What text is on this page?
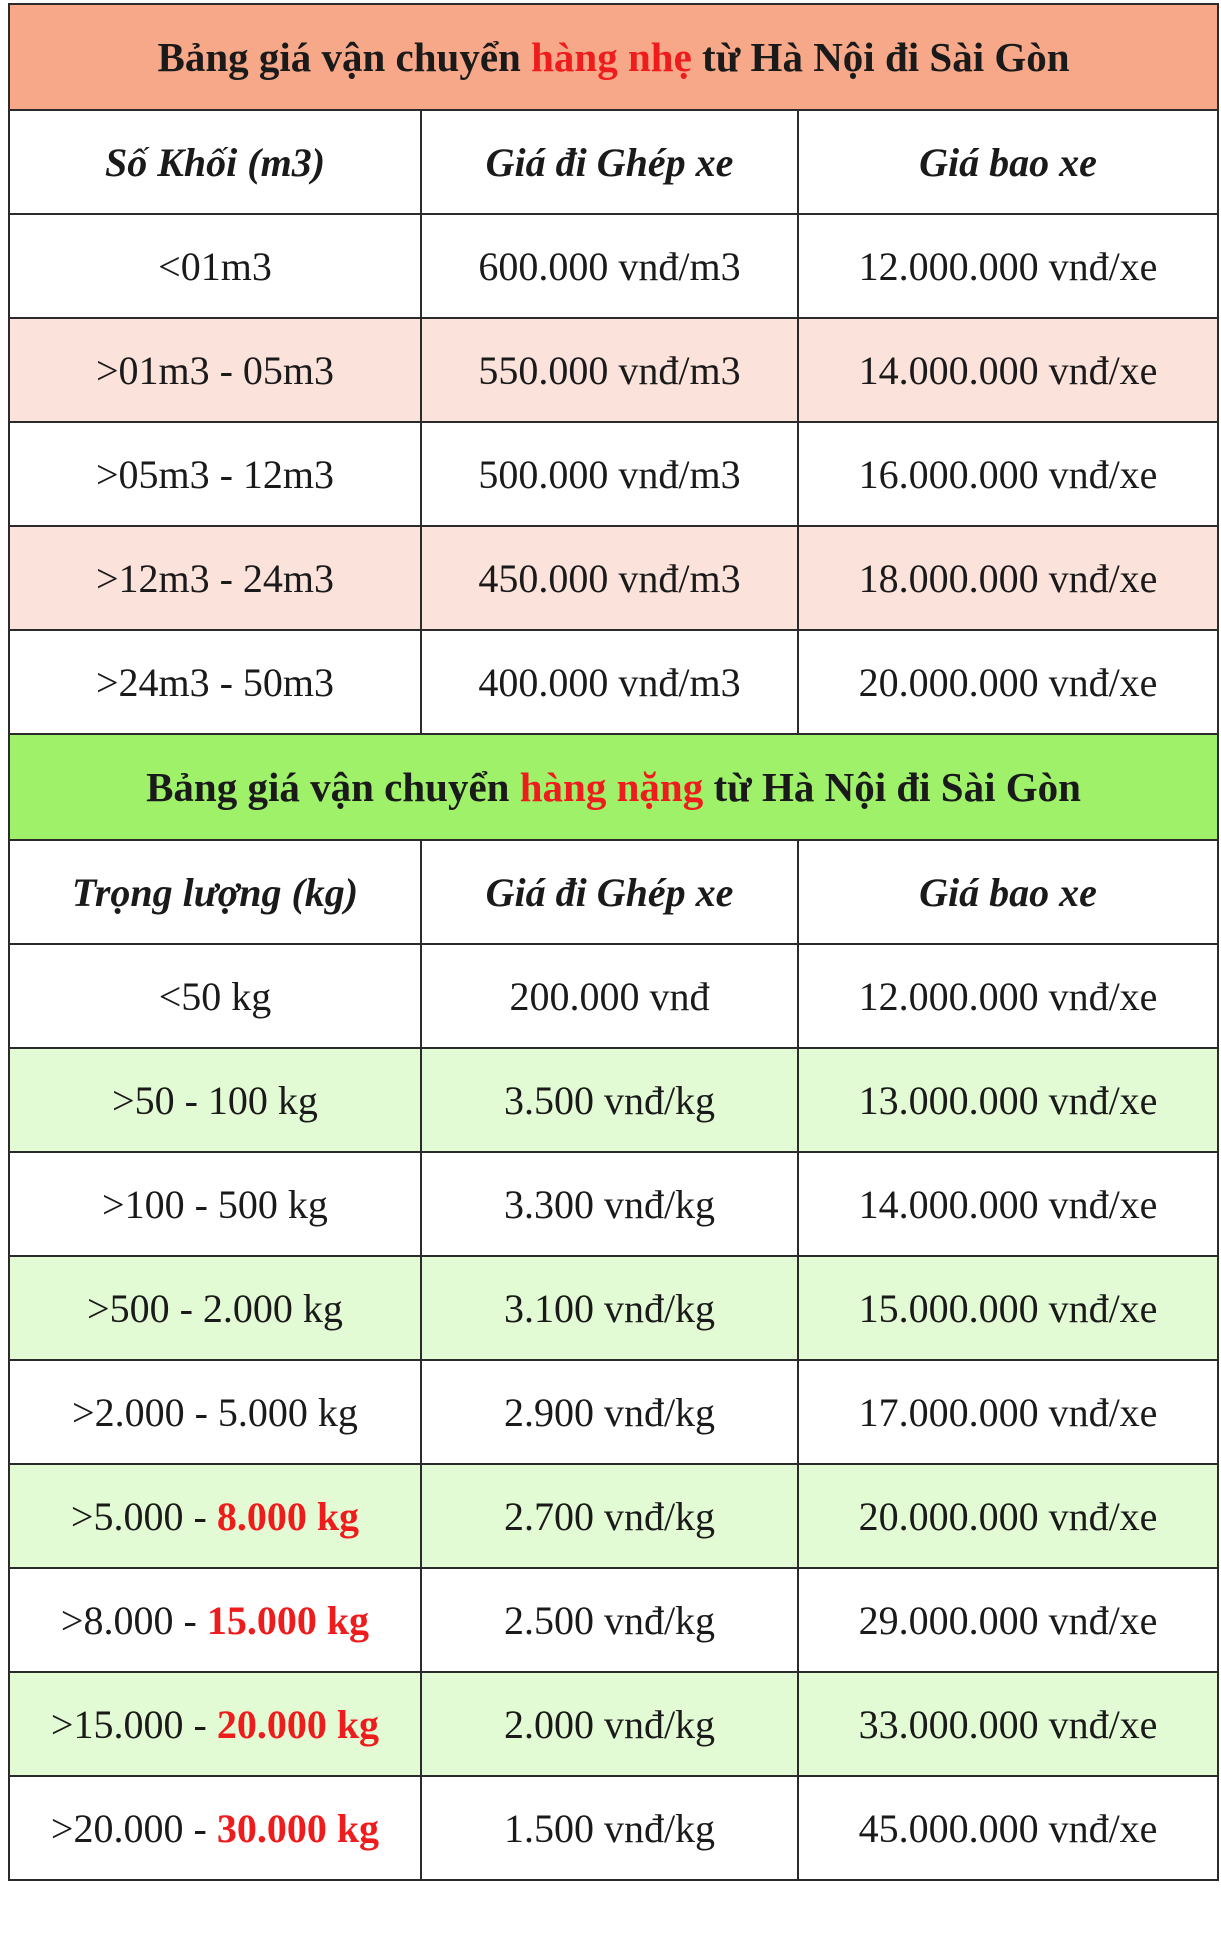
Bảng giá vận chuyển hàng nhẹ từ Hà Nội đi Sài Gòn		
Số Khối (m3)	Giá đi Ghép xe	Giá bao xe
<01m3	600.000 vnđ/m3	12.000.000 vnđ/xe
>01m3 - 05m3	550.000 vnđ/m3	14.000.000 vnđ/xe
>05m3 - 12m3	500.000 vnđ/m3	16.000.000 vnđ/xe
>12m3 - 24m3	450.000 vnđ/m3	18.000.000 vnđ/xe
>24m3 - 50m3	400.000 vnđ/m3	20.000.000 vnđ/xe
Bảng giá vận chuyển hàng nặng từ Hà Nội đi Sài Gòn		
Trọng lượng (kg)	Giá đi Ghép xe	Giá bao xe
<50 kg	200.000 vnđ	12.000.000 vnđ/xe
>50 - 100 kg	3.500 vnđ/kg	13.000.000 vnđ/xe
>100 - 500 kg	3.300 vnđ/kg	14.000.000 vnđ/xe
>500 - 2.000 kg	3.100 vnđ/kg	15.000.000 vnđ/xe
>2.000 - 5.000 kg	2.900 vnđ/kg	17.000.000 vnđ/xe
>5.000 - 8.000 kg	2.700 vnđ/kg	20.000.000 vnđ/xe
>8.000 - 15.000 kg	2.500 vnđ/kg	29.000.000 vnđ/xe
>15.000 - 20.000 kg	2.000 vnđ/kg	33.000.000 vnđ/xe
>20.000 - 30.000 kg	1.500 vnđ/kg	45.000.000 vnđ/xe
